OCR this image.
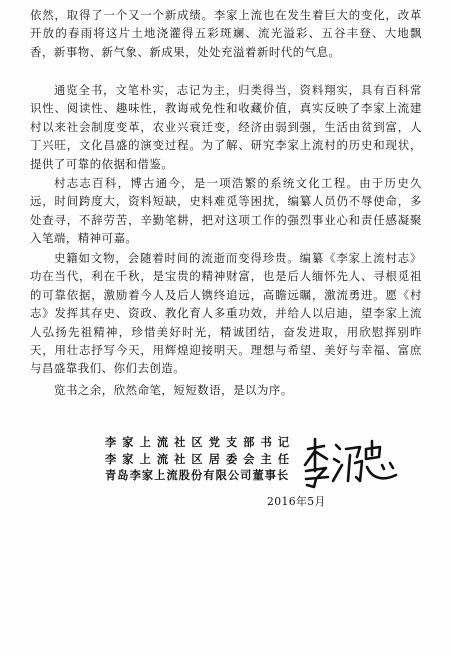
依然，取得了一个又一个新成绩。李家上流也在发生着巨大的变化，改革开放的春雨将这片土地浇灌得五彩斑斓、流光溢彩、五谷丰登、大地飘香，新事物、新气象、新成果，处处充溢着新时代的气息。

通览全书，文笔朴实，志记为主，归类得当，资料翔实，具有百科常识性、阅读性、趣味性，教诲戒免性和收藏价值，真实反映了李家上流建村以来社会制度变革，农业兴衰迁变，经济由弱到强，生活由贫到富，人丁兴旺，文化昌盛的演变过程。为了解、研究李家上流村的历史和现状，提供了可靠的依据和借鉴。

村志志百科，博古通今，是一项浩繁的系统文化工程。由于历史久远，时间跨度大，资料短缺，史料难觅等困扰，编纂人员仍不辱使命，多处查寻，不辞劳苦，辛勤笔耕，把对这项工作的强烈事业心和责任感凝聚入笔端，精神可嘉。

史籍如文物，会随着时间的流逝而变得珍贵。编纂《李家上流村志》功在当代，利在千秋，是宝贵的精神财富，也是后人缅怀先人、寻根觅祖的可靠依据，激励着今人及后人镌终追远，高瞻远瞩，激流勇进。愿《村志》发挥其存史、资政、教化育人多重功效，并给人以启迪，望李家上流人弘扬先祖精神，珍惜美好时光，精诚团结，奋发进取，用欣慰挥别昨天，用壮志抒写今天，用辉煌迎接明天。理想与希望、美好与幸福、富庶与昌盛靠我们、你们去创造。

览书之余，欣然命笔，短短数语，是以为序。

李 家 上 流 社 区 党 支 部 书 记
李 家 上 流 社 区 居 委 会 主 任
青岛李家上流股份有限公司董事长
2016年5月
